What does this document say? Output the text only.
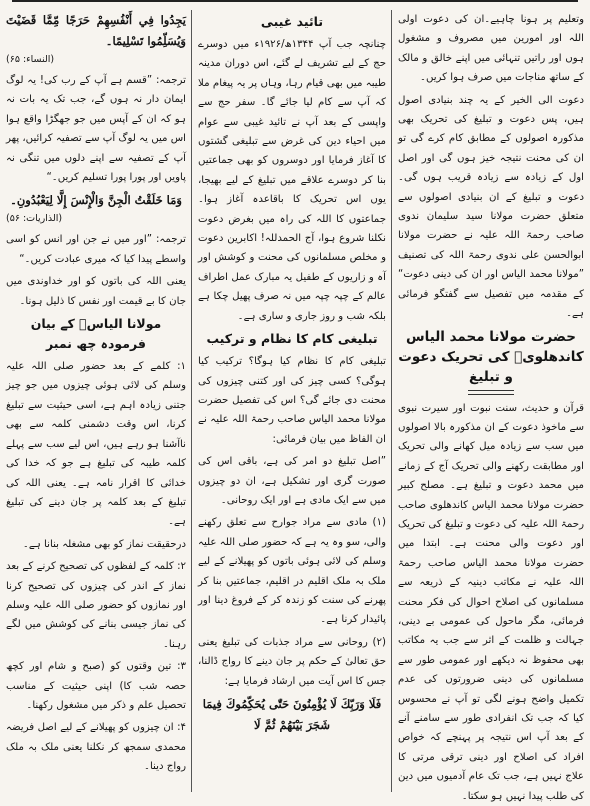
وتعلیم پر ہونا چاہیے۔ان کی دعوت اولی اللہ اور امورین میں مصروف و مشغول ہوں اور راتیں تنہائی میں اپنے خالق و مالک کے ساتھ مناجات میں صرف ہوا کریں۔

دعوت الی الخیر کے یہ چند بنیادی اصول ہیں، پس دعوت و تبلیغ کی تحریک بھی مذکورہ اصولوں کے مطابق کام کرے گی تو ان کی محنت نتیجہ خیز ہوں گی اور اصل اول کے زیادہ سے زیادہ قریب ہوں گی۔ دعوت و تبلیغ کے ان بنیادی اصولوں سے متعلق حضرت مولانا سید سلیمان ندوی صاحب رحمۃ اللہ علیہ نے حضرت مولانا ابوالحسن علی ندوی رحمۃ اللہ کی تصنیف ”مولانا محمد الیاس اور ان کی دینی دعوت“ کے مقدمہ میں تفصیل سے گفتگو فرمائی ہے۔

حضرت مولانا محمد الیاس کاندھلویؒ کی تحریک دعوت و تبلیغ

قرآن و حدیث، سنت نبوت اور سیرت نبوی سے ماخوذ دعوت کے ان مذکورہ بالا اصولوں میں سب سے زیادہ میل کھانے والی تحریک اور مطابقت رکھنے والی تحریک آج کے زمانے میں محمد دعوت و تبلیغ ہے۔ مصلح کبیر حضرت مولانا محمد الیاس کاندھلوی صاحب رحمۃ اللہ علیہ کی دعوت و تبلیغ کی تحریک اور دعوت والی محنت ہے۔ ابتدا میں حضرت مولانا محمد الیاس صاحب رحمۃ اللہ علیہ نے مکاتب دینیہ کے ذریعہ سے مسلمانوں کی اصلاح احوال کی فکر محنت فرمائی، مگر ماحول کی عمومی بے دینی، جہالت و ظلمت کے اثر سے جب یہ مکاتب بھی محفوظ نہ دیکھے اور عمومی طور سے مسلمانوں کی دینی ضرورتوں کی عدم تکمیل واضح ہونے لگی تو آپ نے محسوس کیا کہ جب تک انفرادی طور سے سامنے آنے کے بعد آپ اس نتیجہ پر پہنچے کہ خواص افراد کی اصلاح اور دینی ترقی مرتی کا علاج نہیں ہے، جب تک عام آدمیوں میں دین کی طلب پیدا نہیں ہو سکتا۔

تائید غیبی

چنانچہ جب آپ ۱۳۴۴ھ/۱۹۲۶ء میں دوسرے حج کے لیے تشریف لے گئے، اس دوران مدینہ طیبہ میں بھی قیام رہا، وہاں پر یہ پیغام ملا کہ آپ سے کام لیا جائے گا۔ سفر حج سے واپسی کے بعد آپ نے تائید غیبی سے عوام میں احیاء دین کی غرض سے تبلیغی گشتوں کا آغاز فرمایا اور دوسروں کو بھی جماعتیں بنا کر دوسرے علاقے میں تبلیغ کے لیے بھیجا، یوں اس تحریک کا باقاعدہ آغاز ہوا۔ جماعتوں کا اللہ کی راہ میں بغرض دعوت نکلنا شروع ہوا، آج الحمدللہ! اکابرین دعوت و مخلص مسلمانوں کی محنت و کوشش اور آہ و زاریوں کے طفیل یہ مبارک عمل اطراف عالم کے چپہ چپہ میں نہ صرف پھیل چکا ہے بلکہ شب و روز جاری و ساری ہے۔

تبلیغی کام کا نظام و ترکیب

تبلیغی کام کا نظام کیا ہوگا؟ ترکیب کیا ہوگی؟ کسی چیز کی اور کتنی چیزوں کی محنت دی جائے گی؟ اس کی تفصیل حضرت مولانا محمد الیاس صاحب رحمۃ اللہ علیہ نے ان الفاظ میں بیان فرمائی:

”اصل تبلیغ دو امر کی ہے، باقی اس کی صورت گری اور تشکیل ہے، ان دو چیزوں میں سے ایک مادی ہے اور ایک روحانی۔

(۱) مادی سے مراد جوارح سے تعلق رکھنے والی، سو وہ یہ ہے کہ حضور صلی اللہ علیہ وسلم کی لائی ہوئی باتوں کو پھیلانے کے لیے ملک بہ ملک اقلیم در اقلیم، جماعتیں بنا کر پھرنے کی سنت کو زندہ کر کے فروغ دینا اور پائیدار کرنا ہے۔

(۲) روحانی سے مراد جذبات کی تبلیغ یعنی حق تعالیٰ کے حکم پر جان دینے کا رواج ڈالنا، جس کا اس آیت میں ارشاد فرمایا ہے:

فَلَا وَرَبِّكَ لَا يُؤْمِنُونَ حَتّٰى يُحَكِّمُوكَ فِيمَا شَجَرَ بَيْنَهُمْ ثُمَّ لَا

يَجِدُوا فِي أَنْفُسِهِمْ حَرَجًا مِّمَّا قَضَيْتَ وَيُسَلِّمُوا تَسْلِيمًا۔

(النساء: ۶۵)

ترجمہ: ”قسم ہے آپ کے رب کی! یہ لوگ ایمان دار نہ ہوں گے، جب تک یہ بات نہ ہو کہ ان کے آپس میں جو جھگڑا واقع ہوا اس میں یہ لوگ آپ سے تصفیہ کرائیں، پھر آپ کے تصفیہ سے اپنے دلوں میں تنگی نہ پاویں اور پورا پورا تسلیم کریں۔“

وَمَا خَلَقْتُ الْجِنَّ وَالْإِنْسَ إِلَّا لِيَعْبُدُونِ۔

(الذاریات: ۵۶)

ترجمہ: ”اور میں نے جن اور انس کو اسی واسطے پیدا کیا کہ میری عبادت کریں۔“

یعنی اللہ کی باتوں کو اور خداوندی میں جان کا بے قیمت اور نفس کا ذلیل ہونا۔

مولانا الیاسؒ کے بیان فرمودہ چھ نمبر

۱: کلمے کے بعد حضور صلی اللہ علیہ وسلم کی لائی ہوئی چیزوں میں جو چیز جتنی زیادہ اہم ہے، اسی حیثیت سے تبلیغ کرنا، اس وقت دشمنی کلمہ سے بھی ناآشنا ہو رہے ہیں، اس لیے سب سے پہلے کلمہ طیبہ کی تبلیغ ہے جو کہ خدا کی خدائی کا اقرار نامہ ہے۔ یعنی اللہ کی تبلیغ کے بعد کلمہ پر جان دینے کی تبلیغ ہے۔

درحقیقت نماز کو بھی مشغلہ بنانا ہے۔

۲: کلمہ کے لفظوں کی تصحیح کرنے کے بعد نماز کے اندر کی چیزوں کی تصحیح کرنا اور نمازوں کو حضور صلی اللہ علیہ وسلم کی نماز جیسی بنانے کی کوشش میں لگے رہنا۔

۳: تین وقتوں کو (صبح و شام اور کچھ حصہ شب کا) اپنی حیثیت کے مناسب تحصیل علم و ذکر میں مشغول رکھنا۔

۴: ان چیزوں کو پھیلانے کے لیے اصل فریضہ محمدی سمجھ کر نکلنا یعنی ملک بہ ملک رواج دینا۔
